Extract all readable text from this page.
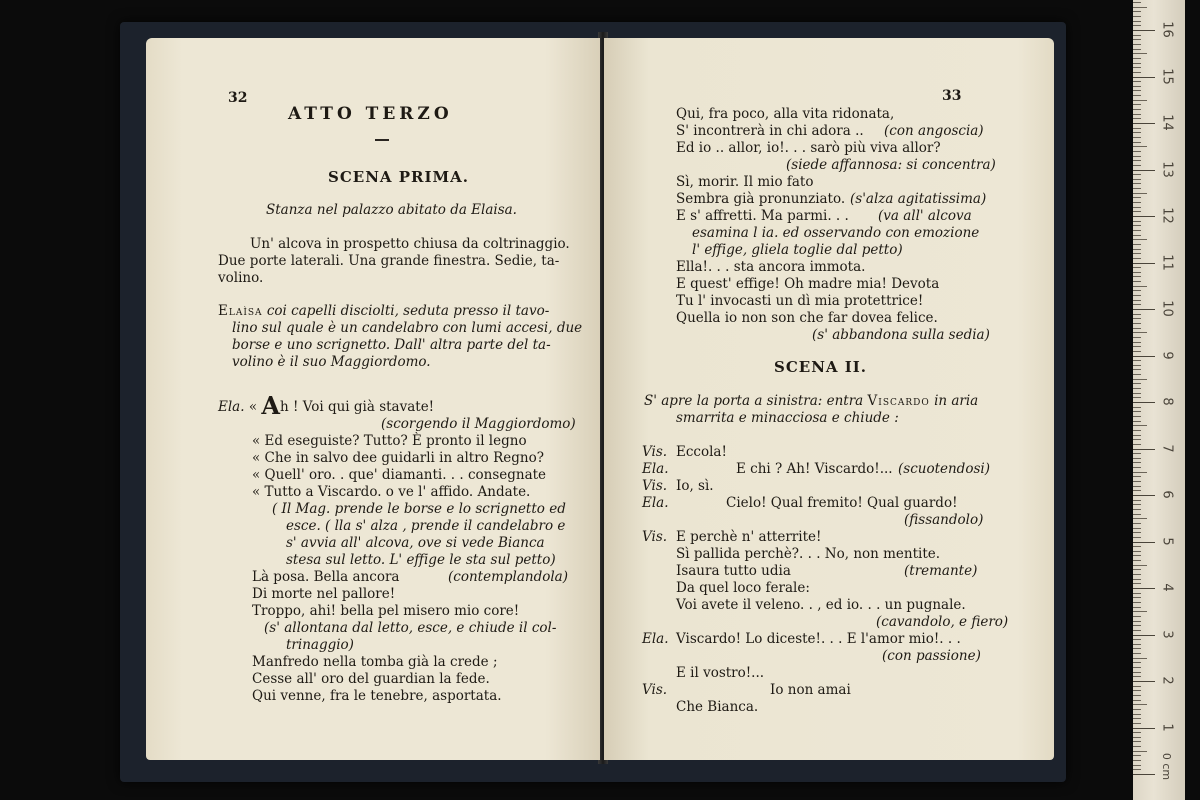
32
ATTO TERZO
SCENA PRIMA.
Stanza nel palazzo abitato da Elaisa.
Un' alcova in prospetto chiusa da coltrinaggio.
Due porte laterali. Una grande finestra. Sedie, ta-
volino.
Elaìsa coi capelli disciolti, seduta presso il tavo-
lino sul quale è un candelabro con lumi accesi, due
borse e uno scrignetto. Dall' altra parte del ta-
volino è il suo Maggiordomo.
Ela. « Ah ! Voi qui già stavate!
(scorgendo il Maggiordomo)
« Ed eseguiste? Tutto? È pronto il legno
« Che in salvo dee guidarli in altro Regno?
« Quell' oro. . que' diamanti. . . consegnate
« Tutto a Viscardo. o ve l' affido. Andate.
( Il Mag. prende le borse e lo scrignetto ed
esce. ( lla s' alza , prende il candelabro e
s' avvia all' alcova, ove si vede Bianca
stesa sul letto. L' effige le sta sul petto)
Là posa. Bella ancora	(contemplandola)
Di morte nel pallore!
Troppo, ahi! bella pel misero mio core!
(s' allontana dal letto, esce, e chiude il col-
trinaggio)
Manfredo nella tomba già la crede ;
Cesse all' oro del guardian la fede.
Qui venne, fra le tenebre, asportata.
33
Qui, fra poco, alla vita ridonata,
S' incontrerà in chi adora .. (con angoscia)
Ed io .. allor, io!. . . sarò più viva allor?
(siede affannosa: si concentra)
Sì, morir. Il mio fato
Sembra già pronunziato. (s'alza agitatissima)
E s' affretti. Ma parmi. . . (va all' alcova
esamina l ia. ed osservando con emozione
l' effige, gliela toglie dal petto)
Ella!. . . sta ancora immota.
E quest' effige! Oh madre mia! Devota
Tu l' invocasti un dì mia protettrice!
Quella io non son che far dovea felice.
(s' abbandona sulla sedia)
SCENA II.
S' apre la porta a sinistra: entra Viscardo in aria
smarrita e minacciosa e chiude :
Vis. Eccola!
Ela.	E chi ? Ah! Viscardo!... (scuotendosi)
Vis. Io, sì.
Ela.	Cielo! Qual fremito! Qual guardo!
(fissandolo)
Vis. E perchè n' atterrite!
Sì pallida perchè?. . . No, non mentite.
Isaura tutto udia	(tremante)
Da quel loco ferale:
Voi avete il veleno. . , ed io. . . un pugnale.
(cavandolo, e fiero)
Ela. Viscardo! Lo diceste!. . . E l'amor mio!. . .
(con passione)
E il vostro!...
Vis.	Io non amai
Che Bianca.
0 cm
16
15
14
13
12
11
10
9
8
7
6
5
4
3
2
1
